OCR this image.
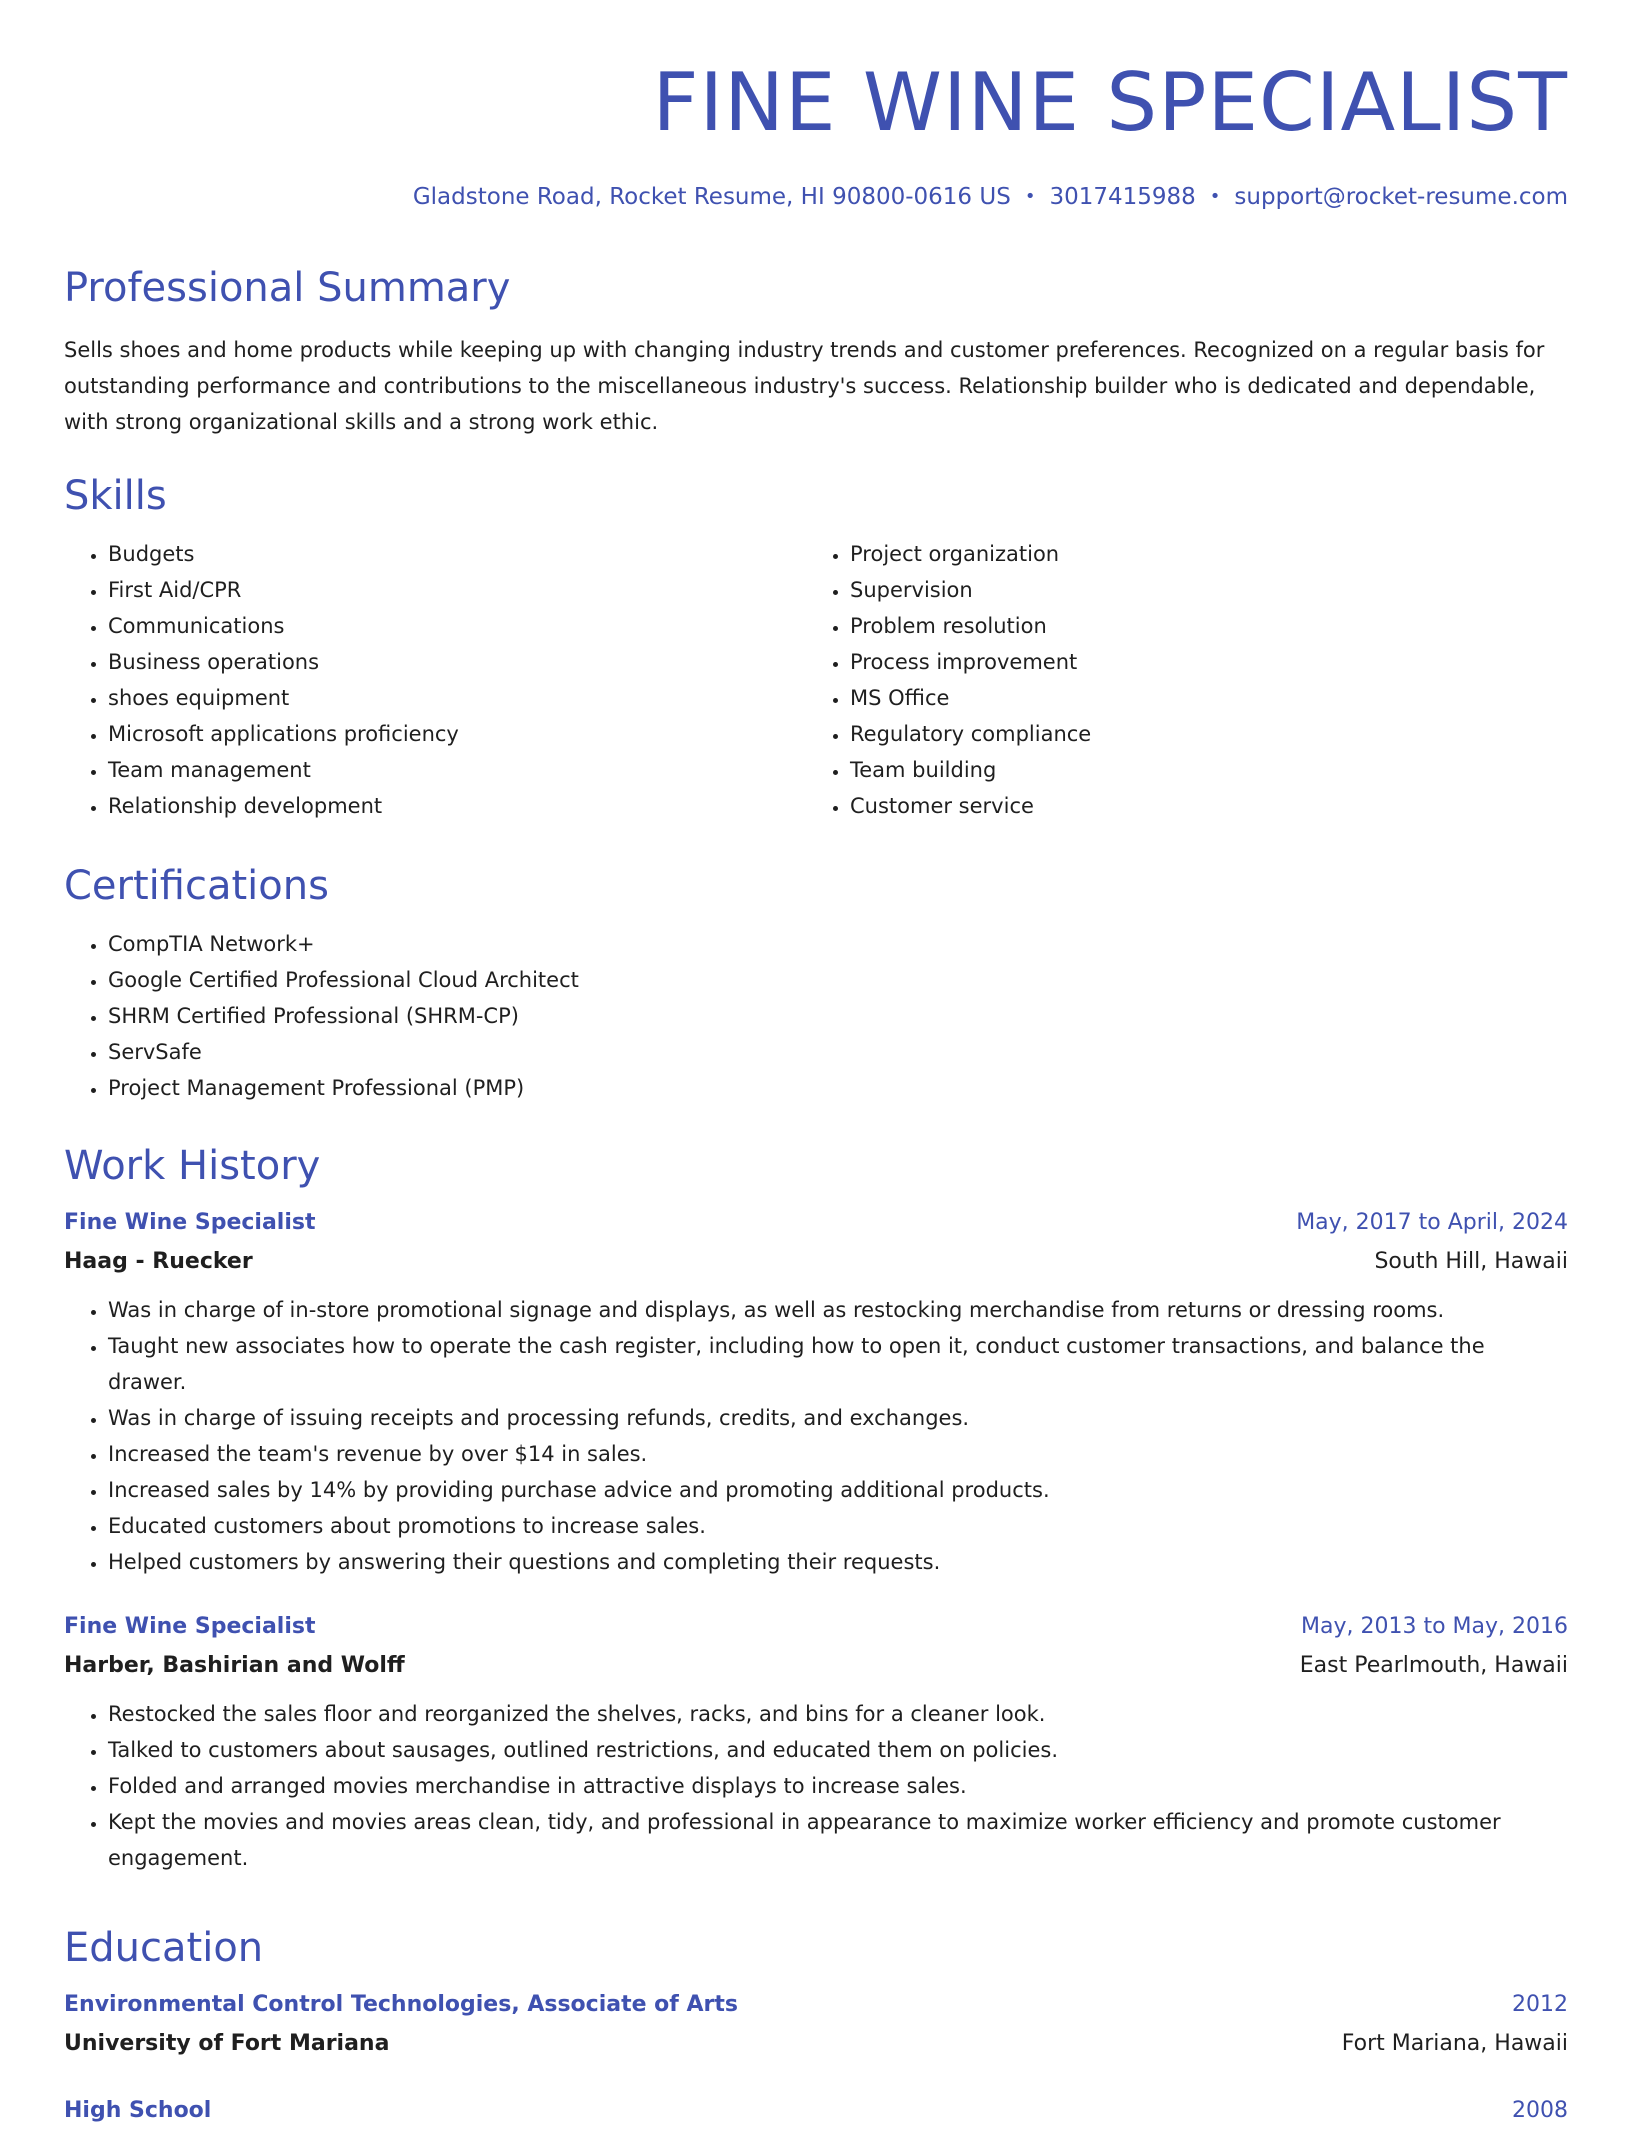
FINE WINE SPECIALIST
Gladstone Road, Rocket Resume, HI 90800-0616 US • 3017415988 • support@rocket-resume.com
Professional Summary

Sells shoes and home products while keeping up with changing industry trends and customer preferences. Recognized on a regular basis for outstanding performance and contributions to the miscellaneous industry's success. Relationship builder who is dedicated and dependable, with strong organizational skills and a strong work ethic.

Skills
• Budgets
• First Aid/CPR
• Communications
• Business operations
• shoes equipment
• Microsoft applications proficiency
• Team management
• Relationship development
• Project organization
• Supervision
• Problem resolution
• Process improvement
• MS Office
• Regulatory compliance
• Team building
• Customer service
Certifications
• CompTIA Network+
• Google Certified Professional Cloud Architect
• SHRM Certified Professional (SHRM-CP)
• ServSafe
• Project Management Professional (PMP)
Work History
Fine Wine Specialist	May, 2017 to April, 2024
Haag - Ruecker	South Hill, Hawaii
• Was in charge of in-store promotional signage and displays, as well as restocking merchandise from returns or dressing rooms.
• Taught new associates how to operate the cash register, including how to open it, conduct customer transactions, and balance the drawer.
• Was in charge of issuing receipts and processing refunds, credits, and exchanges.
• Increased the team's revenue by over $14 in sales.
• Increased sales by 14% by providing purchase advice and promoting additional products.
• Educated customers about promotions to increase sales.
• Helped customers by answering their questions and completing their requests.
Fine Wine Specialist	May, 2013 to May, 2016
Harber, Bashirian and Wolff	East Pearlmouth, Hawaii
• Restocked the sales floor and reorganized the shelves, racks, and bins for a cleaner look.
• Talked to customers about sausages, outlined restrictions, and educated them on policies.
• Folded and arranged movies merchandise in attractive displays to increase sales.
• Kept the movies and movies areas clean, tidy, and professional in appearance to maximize worker efficiency and promote customer engagement.
Education
Environmental Control Technologies, Associate of Arts	2012
University of Fort Mariana	Fort Mariana, Hawaii
High School	2008
